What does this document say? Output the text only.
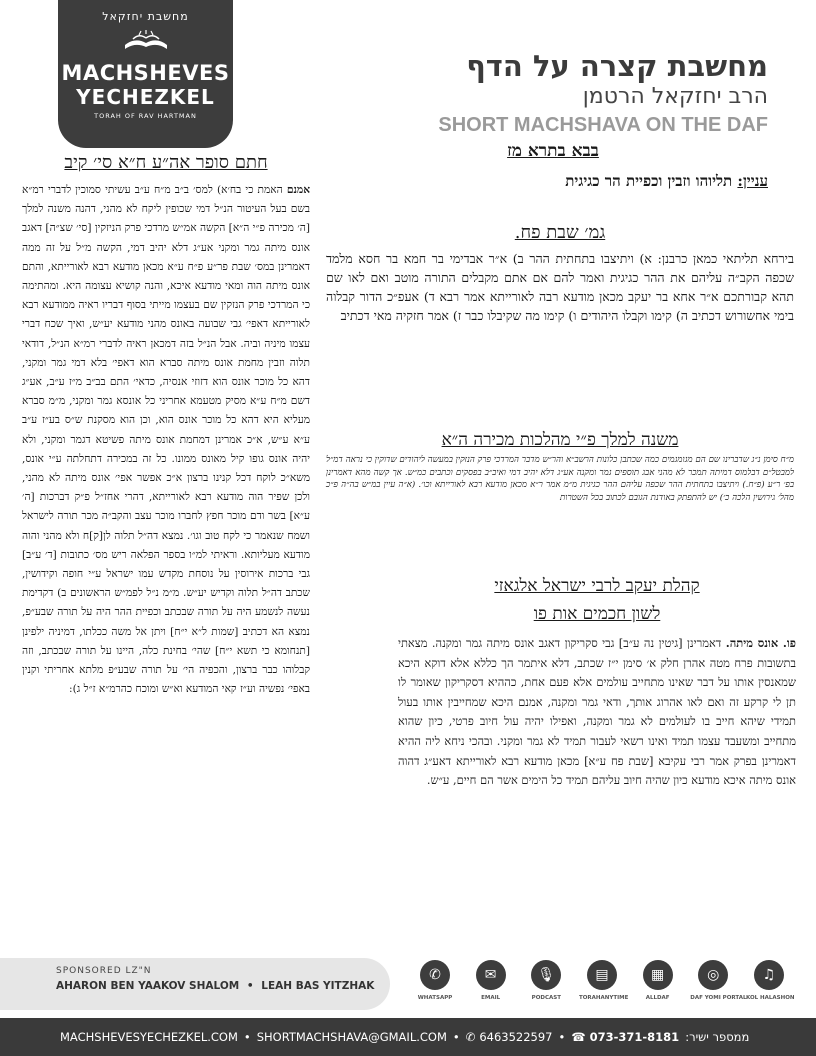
מחשבת יחזקאל
MACHSHEVES
YECHEZKEL
TORAH OF RAV HARTMAN
מחשבת קצרה על הדף
הרב יחזקאל הרטמן
SHORT MACHSHAVA ON THE DAF
בבא בתרא מז
עניין: תליוהו וזבין וכפיית הר כגיגית
חתם סופר אה״ע ח״א סי׳ קיב
אמנם האמת כי בח׳א) למס׳ ב״ב מ״ח ע״ב עשיתי סמוכין לדברי רמ״א בשם בעל העיטור הנ״ל דמי שכופין ליקח לא מהני, דהנה משנה למלך [ה׳ מכירה פ״י ה״א] הקשה אמ״ש מרדכי פרק הניזקין [סי׳ שצ״ה] דאגב אונס מיתה גמר ומקני אע״ג דלא יהיב דמי, הקשה מ״ל על זה ממה דאמרינן במס׳ שבת פר״ע פ״ח ע״א מכאן מודעא רבא לאורייתא, והתם אונס מיתה הוה ומאי מודעא איכא, והנה קושיא עצומה היא. ומהתימה כי המרדכי פרק הנזקין שם בעצמו מייתי בסוף דבריו ראיה ממודעא רבא לאורייתא דאפי׳ גבי שבועה באונס מהני מודעא יע״ש, ואיך שכח דברי עצמו מיניה וביה. אבל הנ״ל בזה דמכאן ראיה לדברי רמ״א הנ״ל, דודאי תלוה וזבין מחמת אונס מיתה סברא הוא דאפי׳ בלא דמי גמר ומקני, דהא כל מוכר אונס הוא דזוזי אנסיה, כדאי׳ התם בב״ב מ״ז ע״ב, אע״ג דשם מ״ח ע״א מסיק מטעמא אחריני כל אונסא גמר ומקני, מ״מ סברא מעליא היא דהא כל מוכר אונס הוא, וכן הוא מסקנת ש״ס בע״ז ע״ב ע״א ע״ש, א״כ אמרינן דמחמת אונס מיתה פשיטא דגמר ומקני, ולא יהיה אונס גופו קיל מאונס ממונו. כל זה במכירה דתחלתה ע״י אונס, משא״כ לוקח דכל קנינו ברצון א״כ אפשר אפי׳ אונס מיתה לא מהני, ולכן שפיר הוה מודעא רבא לאורייתא, דהרי אחז״ל פ״ק דברכות [ה׳ ע״א] בשר ודם מוכר חפץ לחברו מוכר עצב והקב״ה מכר תורה לישראל ושמח שנאמר כי לקח טוב וגו׳. נמצא דה״ל תלוה לן[ק]ח ולא מהני והוה מודעא מעליותא. וראיתי למ״ו בספר הפלאה ריש מס׳ כתובות [ד׳ ע״ב] גבי ברכות אירוסין על נוסחת מקדש עמו ישראל ע״י חופה וקידושין, שכתב דה״ל תלוה וקדיש יע״ש. מ״מ נ״ל לפמ״ש הראשונים ב) דקדימת נעשה לנשמע היה על תורה שבכתב וכפיית ההר היה על תורה שבע״פ, נמצא הא דכתיב [שמות ל״א י״ח] ויתן אל משה ככלתו, דמיניה ילפינן [תנחומא כי תשא י״ח] שהי׳ בחינת כלה, היינו על תורה שבכתב, וזה קבלוהו כבר ברצון, והכפיה הי׳ על תורה שבע״פ מלתא אחריתי וקנין באפי׳ נפשיה וע״ז קאי המודעא וא״ש ומוכח כהרמ״א ז״ל ג):
גמ׳ שבת פח.
בירחא תליתאי כמאן כרבנן: א) ויתיצבו בתחתית ההר ב) א״ר אבדימי בר חמא בר חסא מלמד שכפה הקב״ה עליהם את ההר כגיגית ואמר להם אם אתם מקבלים התורה מוטב ואם לאו שם תהא קבורתכם א״ר אחא בר יעקב מכאן מודעא רבה לאורייתא אמר רבא ד) אעפ״כ הדור קבלוה בימי אחשורוש דכתיב ה) קימו וקבלו היהודים ו) קימו מה שקיבלו כבר ז) אמר חזקיה מאי דכתיב
משנה למלך פ״י מהלכות מכירה ה״א
מ״ח סימן נ״ג שדברינו שם הם מגומגמים כמה שכתבן כלונות הרשב״א והר״ש מדבר המרדכי פרק הנזקין במעשה ליהודים שדוקין כי נראה דמ״ל למבטל״ם דבלמוס דמיתה תמכר לא מהני אבג תוספים גמר ומקנה אע״ג דלא יהיב דמי ואיב״ב בפסקים וכתבים כמ״ש. אך קשה מהא דאמרינן בפ׳ ר״ע (פ״ח.) ויתיצבו בתחתית ההר שכפה עליהם ההר כגיגית מ״מ אמר ר״א מכאן מודעא רבא לאורייתא וכו׳. (א״ה עיין במ״ש בה״ה פ״כ מהל׳ גירושין הלכה כ׳) יש להתפתק באודנת הגובם לכתוב בכל השטרות
קהלת יעקב לרבי ישראל אלגאזי
לשון חכמים אות פו
פו. אונס מיתה. דאמרינן [גיטין נה ע״ב] גבי סקריקון דאגב אונס מיתה גמר ומקנה. מצאתי בתשובות פרח מטה אהרן חלק א׳ סימן י״ז שכתב, דלא איתמר הך כללא אלא דוקא היכא שמאנסין אותו על דבר שאינו מתחייב עולמים אלא פעם אחת, כההיא דסקריקון שאומר לו תן לי קרקע זה ואם לאו אהרוג אותך, ודאי גמר ומקנה, אמנם היכא שמחייבין אותו בעול תמידי שיהא חייב בו לעולמים לא גמר ומקנה, ואפילו יהיה עול חיוב פרטי, כיון שהוא מתחייב ומשעבד עצמו תמיד ואינו רשאי לעבור תמיד לא גמר ומקני. ובהכי ניחא ליה ההיא דאמרינן בפרק אמר רבי עקיבא [שבת פח ע״א] מכאן מודעא רבא לאורייתא דאע״ג דהוה אונס מיתה איכא מודעא כיון שהיה חיוב עליהם תמיד כל הימים אשר הם חיים, ע״ש.
SPONSORED LZ"N
AHARON BEN YAAKOV SHALOM • LEAH BAS YITZHAK
✆
WHATSAPP
✉
EMAIL
🎙
PODCAST
▤
TORAHANYTIME
▦
ALLDAF
◎
DAF YOMI PORTAL
♫
KOL HALASHON
MACHSHEVESYECHEZKEL.COM • SHORTMACHSHAVA@GMAIL.COM • ✆ 6463522597 • ☎ 073-371-8181 ממספר ישיר:
